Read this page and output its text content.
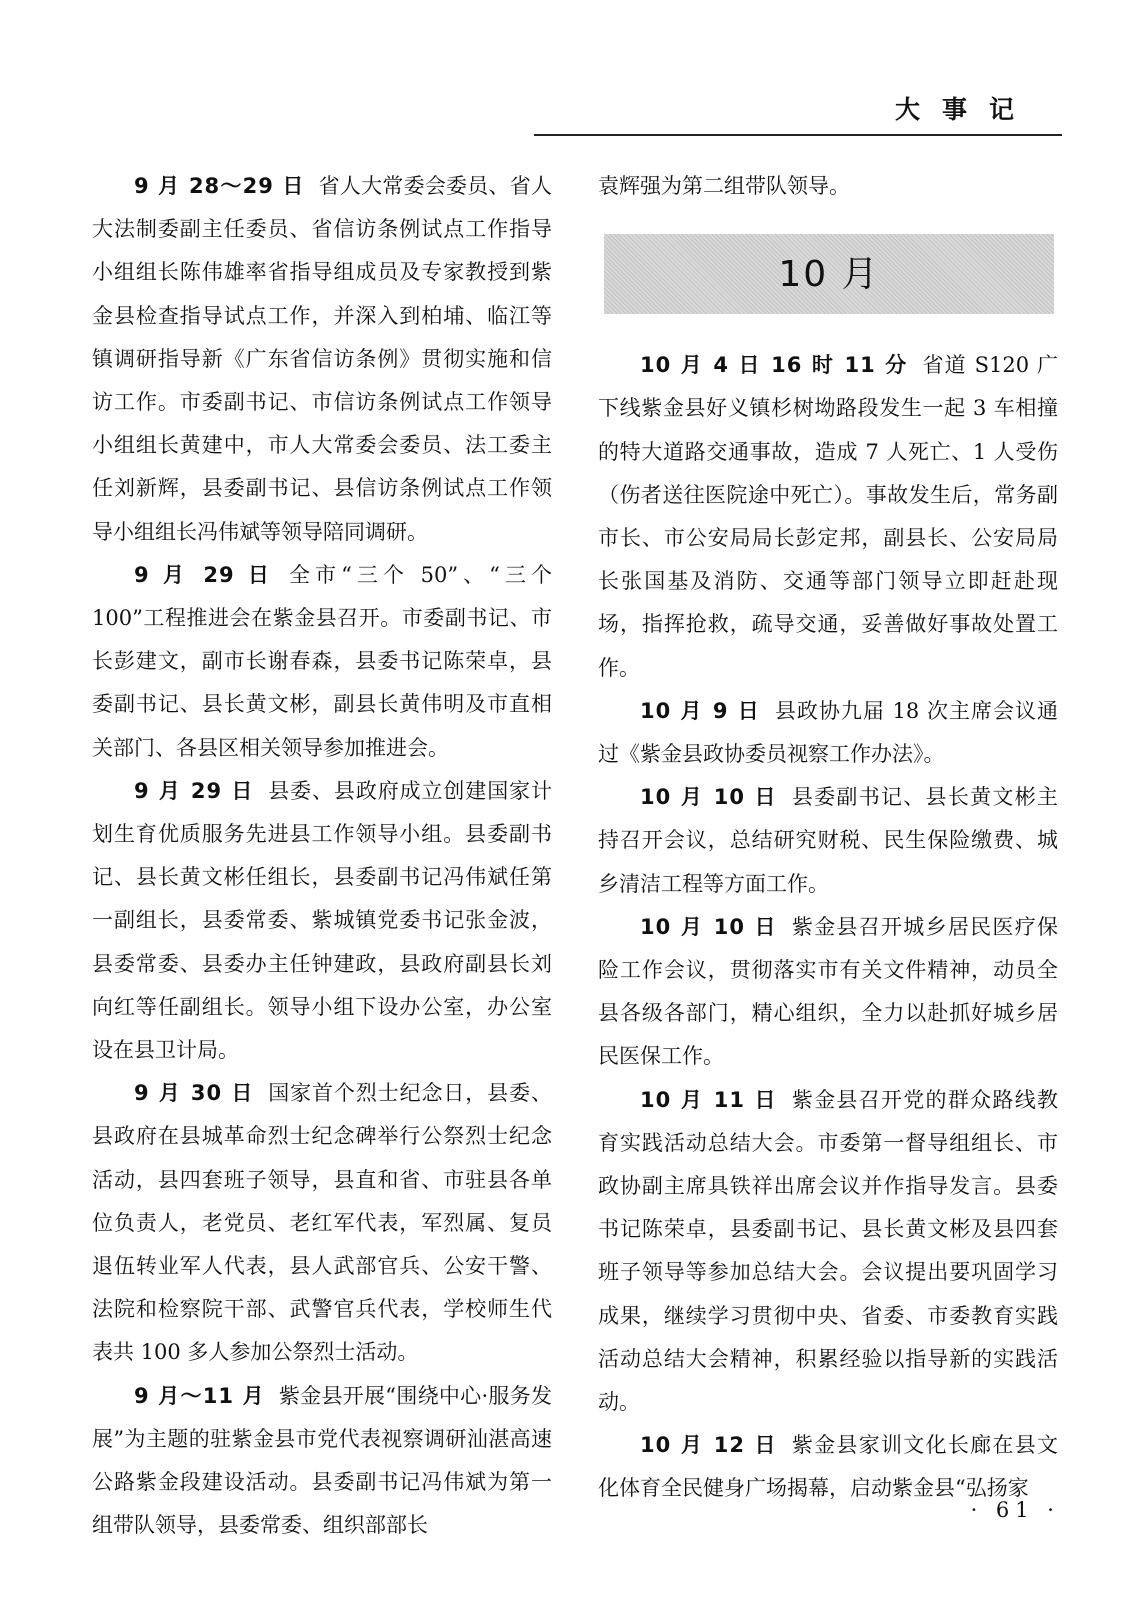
大事记

9 月 28～29 日 省人大常委会委员、省人大法制委副主任委员、省信访条例试点工作指导小组组长陈伟雄率省指导组成员及专家教授到紫金县检查指导试点工作，并深入到柏埔、临江等镇调研指导新《广东省信访条例》贯彻实施和信访工作。市委副书记、市信访条例试点工作领导小组组长黄建中，市人大常委会委员、法工委主任刘新辉，县委副书记、县信访条例试点工作领导小组组长冯伟斌等领导陪同调研。

9 月 29 日 全市“三个 50”、“三个 100”工程推进会在紫金县召开。市委副书记、市长彭建文，副市长谢春森，县委书记陈荣卓，县委副书记、县长黄文彬，副县长黄伟明及市直相关部门、各县区相关领导参加推进会。

9 月 29 日 县委、县政府成立创建国家计划生育优质服务先进县工作领导小组。县委副书记、县长黄文彬任组长，县委副书记冯伟斌任第一副组长，县委常委、紫城镇党委书记张金波，县委常委、县委办主任钟建政，县政府副县长刘向红等任副组长。领导小组下设办公室，办公室设在县卫计局。

9 月 30 日 国家首个烈士纪念日，县委、县政府在县城革命烈士纪念碑举行公祭烈士纪念活动，县四套班子领导，县直和省、市驻县各单位负责人，老党员、老红军代表，军烈属、复员退伍转业军人代表，县人武部官兵、公安干警、法院和检察院干部、武警官兵代表，学校师生代表共 100 多人参加公祭烈士活动。

9 月～11 月 紫金县开展“围绕中心·服务发展”为主题的驻紫金县市党代表视察调研汕湛高速公路紫金段建设活动。县委副书记冯伟斌为第一组带队领导，县委常委、组织部部长

袁辉强为第二组带队领导。

10 月

10 月 4 日 16 时 11 分 省道 S120 广下线紫金县好义镇杉树坳路段发生一起 3 车相撞的特大道路交通事故，造成 7 人死亡、1 人受伤（伤者送往医院途中死亡）。事故发生后，常务副市长、市公安局局长彭定邦，副县长、公安局局长张国基及消防、交通等部门领导立即赶赴现场，指挥抢救，疏导交通，妥善做好事故处置工作。

10 月 9 日 县政协九届 18 次主席会议通过《紫金县政协委员视察工作办法》。

10 月 10 日 县委副书记、县长黄文彬主持召开会议，总结研究财税、民生保险缴费、城乡清洁工程等方面工作。

10 月 10 日 紫金县召开城乡居民医疗保险工作会议，贯彻落实市有关文件精神，动员全县各级各部门，精心组织，全力以赴抓好城乡居民医保工作。

10 月 11 日 紫金县召开党的群众路线教育实践活动总结大会。市委第一督导组组长、市政协副主席具铁祥出席会议并作指导发言。县委书记陈荣卓，县委副书记、县长黄文彬及县四套班子领导等参加总结大会。会议提出要巩固学习成果，继续学习贯彻中央、省委、市委教育实践活动总结大会精神，积累经验以指导新的实践活动。

10 月 12 日 紫金县家训文化长廊在县文化体育全民健身广场揭幕，启动紫金县“弘扬家

· 61 ·
